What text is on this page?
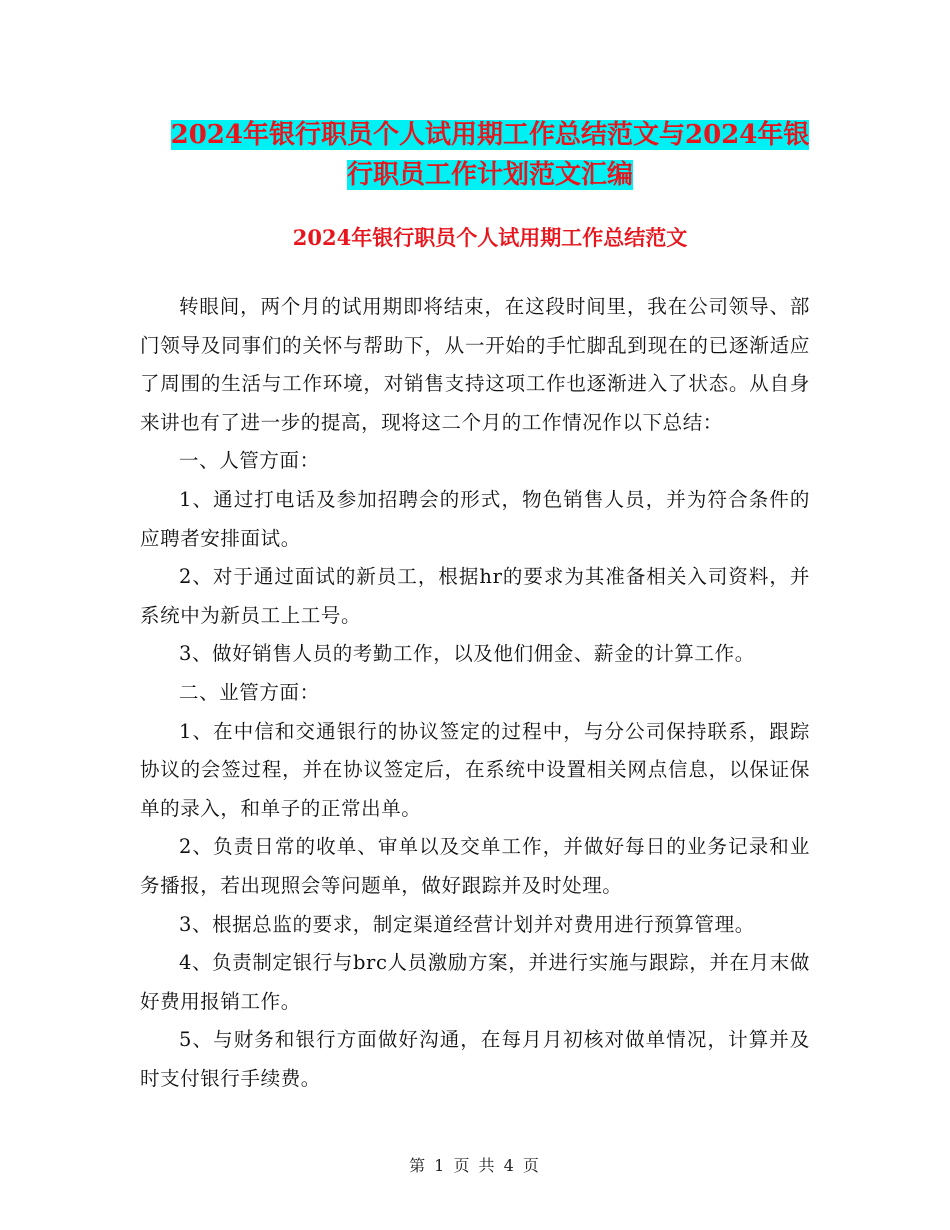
2024年银行职员个人试用期工作总结范文与2024年银
行职员工作计划范文汇编
2024年银行职员个人试用期工作总结范文

转眼间，两个月的试用期即将结束，在这段时间里，我在公司领导、部门领导及同事们的关怀与帮助下，从一开始的手忙脚乱到现在的已逐渐适应了周围的生活与工作环境，对销售支持这项工作也逐渐进入了状态。从自身来讲也有了进一步的提高，现将这二个月的工作情况作以下总结：

一、人管方面：

1、通过打电话及参加招聘会的形式，物色销售人员，并为符合条件的应聘者安排面试。

2、对于通过面试的新员工，根据hr的要求为其准备相关入司资料，并系统中为新员工上工号。

3、做好销售人员的考勤工作，以及他们佣金、薪金的计算工作。

二、业管方面：

1、在中信和交通银行的协议签定的过程中，与分公司保持联系，跟踪协议的会签过程，并在协议签定后，在系统中设置相关网点信息，以保证保单的录入，和单子的正常出单。

2、负责日常的收单、审单以及交单工作，并做好每日的业务记录和业务播报，若出现照会等问题单，做好跟踪并及时处理。

3、根据总监的要求，制定渠道经营计划并对费用进行预算管理。

4、负责制定银行与brc人员激励方案，并进行实施与跟踪，并在月末做好费用报销工作。

5、与财务和银行方面做好沟通，在每月月初核对做单情况，计算并及时支付银行手续费。

第 1 页 共 4 页
